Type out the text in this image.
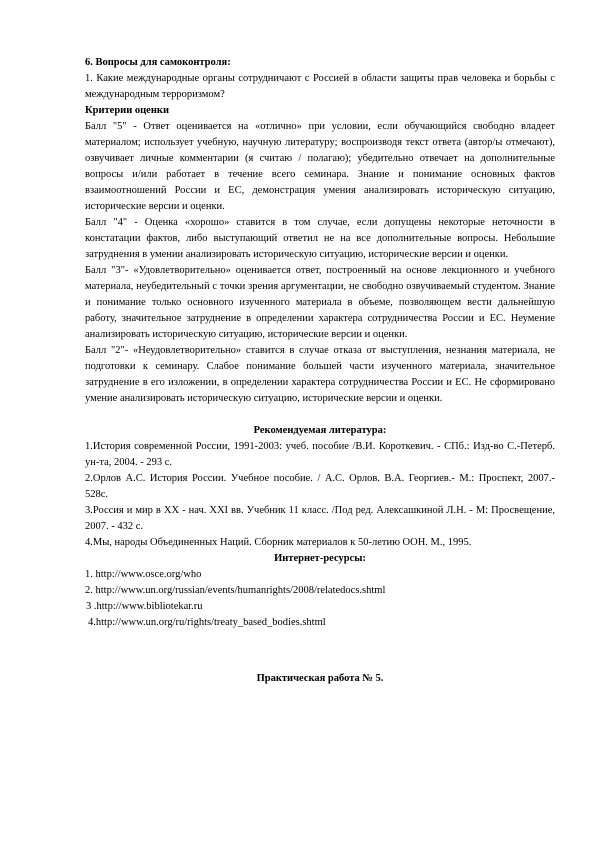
6. Вопросы для самоконтроля:

1. Какие международные органы сотрудничают с Россией в области защиты прав человека и борьбы с международным терроризмом?

Критерии оценки

Балл "5" - Ответ оценивается на «отлично» при условии, если обучающийся свободно владеет материалом; использует учебную, научную литературу; воспроизводя текст ответа (автор/ы отмечают), озвучивает личные комментарии (я считаю / полагаю); убедительно отвечает на дополнительные вопросы и/или работает в течение всего семинара. Знание и понимание основных фактов взаимоотношений России и ЕС, демонстрация умения анализировать историческую ситуацию, исторические версии и оценки.

Балл "4" - Оценка «хорошо» ставится в том случае, если допущены некоторые неточности в констатации фактов, либо выступающий ответил не на все дополнительные вопросы. Небольшие затруднения в умении анализировать историческую ситуацию, исторические версии и оценки.

Балл "3"- «Удовлетворительно» оценивается ответ, построенный на основе лекционного и учебного материала, неубедительный с точки зрения аргументации, не свободно озвучиваемый студентом. Знание и понимание только основного изученного материала в объеме, позволяющем вести дальнейшую работу, значительное затруднение в определении характера сотрудничества России и ЕС. Неумение анализировать историческую ситуацию, исторические версии и оценки.

Балл "2"- «Неудовлетворительно» ставится в случае отказа от выступления, незнания материала, не подготовки к семинару. Слабое понимание большей части изученного материала, значительное затруднение в его изложении, в определении характера сотрудничества России и ЕС. Не сформировано умение анализировать историческую ситуацию, исторические версии и оценки.

Рекомендуемая литература:

1.История современной России, 1991-2003: учеб. пособие /В.И. Короткевич. - СПб.: Изд-во С.-Петерб. ун-та, 2004. - 293 с.

2.Орлов А.С. История России. Учебное пособие. / А.С. Орлов. В.А. Георгиев.- М.: Проспект, 2007.- 528с.

3.Россия и мир в XX - нач. XXI вв. Учебник 11 класс. /Под ред. Алексашкиной Л.Н. - М: Просвещение, 2007. - 432 с.

4.Мы, народы Объединенных Наций. Сборник материалов к 50-летию ООН. М., 1995.

Интернет-ресурсы:

1. http://www.osce.org/who

2. http://www.un.org/russian/events/humanrights/2008/relatedocs.shtml

3 .http://www.bibliotekar.ru

4.http://www.un.org/ru/rights/treaty_based_bodies.shtml

Практическая работа № 5.
